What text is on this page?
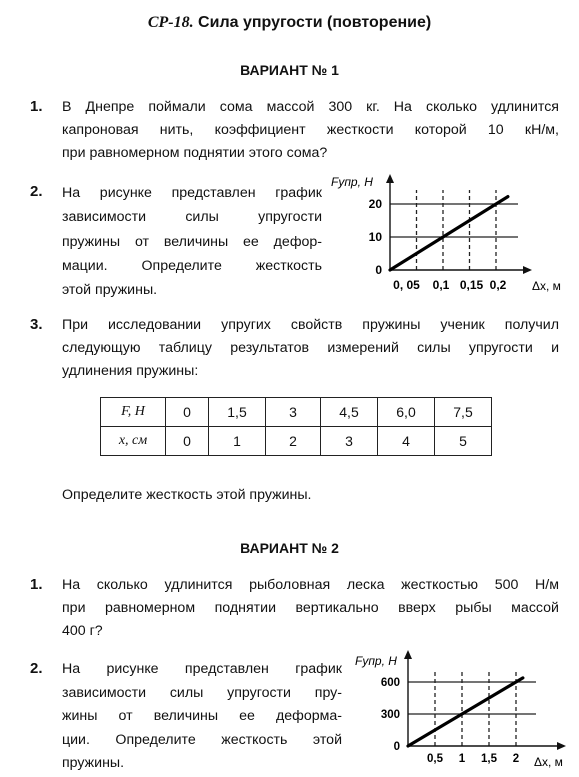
СР-18. Сила упругости (повторение)
ВАРИАНТ № 1
1. В Днепре поймали сома массой 300 кг. На сколько удлинится
капроновая нить, коэффициент жесткости которой 10 кН/м,
при равномерном поднятии этого сома?
2. На рисунке представлен график
зависимости силы упругости
пружины от величины ее дефор-
мации. Определите жесткость
этой пружины.
0
10
20
0, 05 0,1 0,15 0,2
Fупр, Н
Δx, м
3. При исследовании упругих свойств пружины ученик получил
следующую таблицу результатов измерений силы упругости и
удлинения пружины:
F, Н	0	1,5	3	4,5	6,0	7,5
x, см	0	1	2	3	4	5
Определите жесткость этой пружины.
ВАРИАНТ № 2
1. На сколько удлинится рыболовная леска жесткостью 500 Н/м
при равномерном поднятии вертикально вверх рыбы массой
400 г?
2. На рисунке представлен график
зависимости силы упругости пру-
жины от величины ее деформа-
ции. Определите жесткость этой
пружины.
0
300
600
0,5 1 1,5 2
Fупр, Н
Δx, м
